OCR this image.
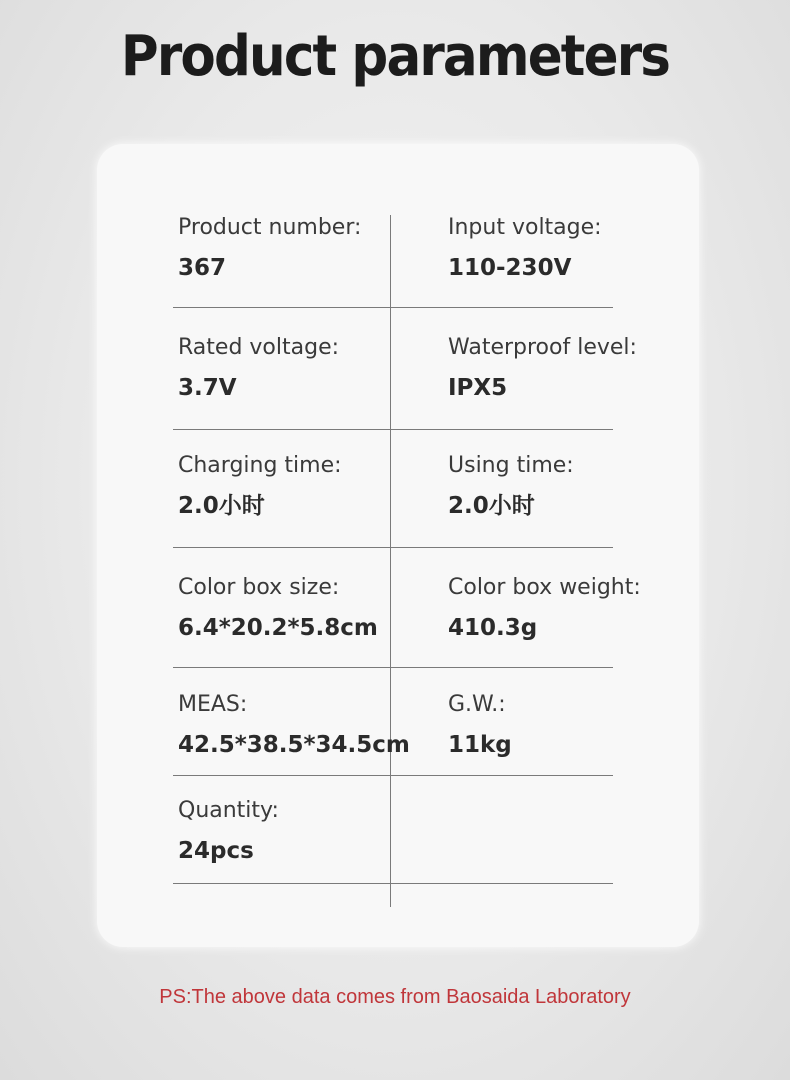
Product parameters
Product number:
367
Input voltage:
110-230V
Rated voltage:
3.7V
Waterproof level:
IPX5
Charging time:
2.0小时
Using time:
2.0小时
Color box size:
6.4*20.2*5.8cm
Color box weight:
410.3g
MEAS:
42.5*38.5*34.5cm
G.W.:
11kg
Quantity:
24pcs
PS:The above data comes from Baosaida Laboratory
